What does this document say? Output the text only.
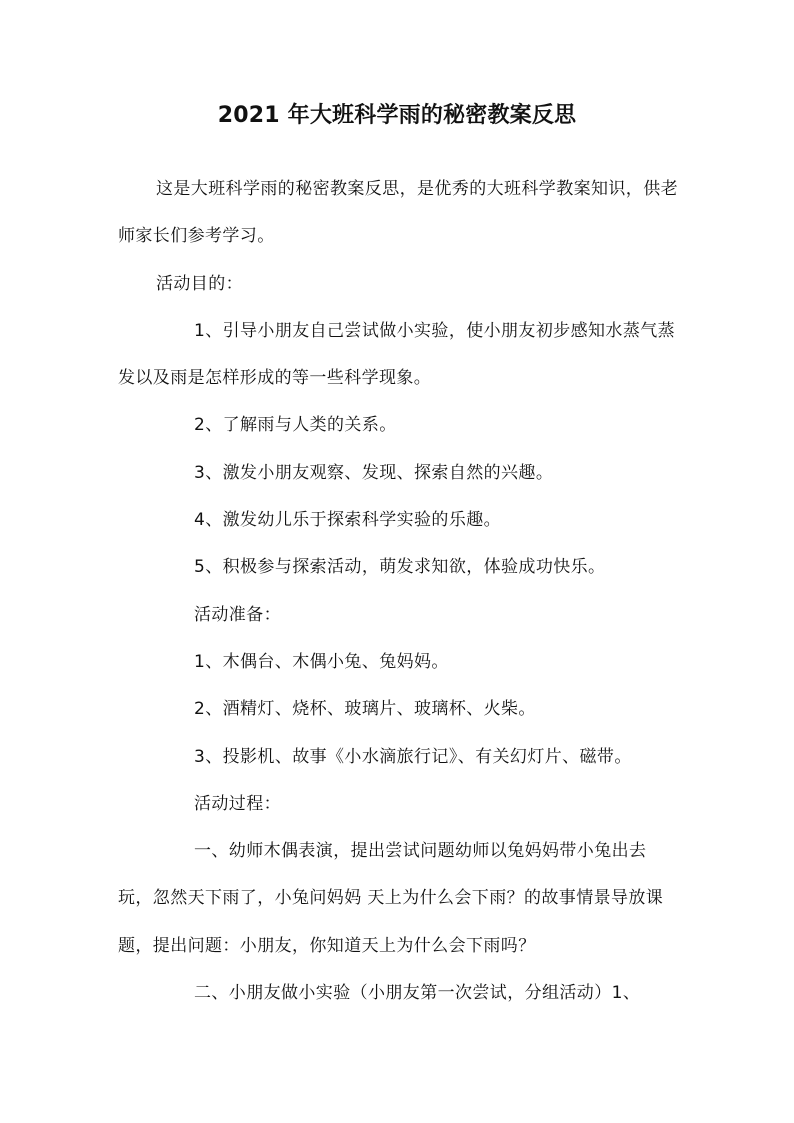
2021 年大班科学雨的秘密教案反思

这是大班科学雨的秘密教案反思，是优秀的大班科学教案知识，供老师家长们参考学习。

活动目的：

1、引导小朋友自己尝试做小实验，使小朋友初步感知水蒸气蒸发以及雨是怎样形成的等一些科学现象。

2、了解雨与人类的关系。

3、激发小朋友观察、发现、探索自然的兴趣。

4、激发幼儿乐于探索科学实验的乐趣。

5、积极参与探索活动，萌发求知欲，体验成功快乐。

活动准备：

1、木偶台、木偶小兔、兔妈妈。

2、酒精灯、烧杯、玻璃片、玻璃杯、火柴。

3、投影机、故事《小水滴旅行记》、有关幻灯片、磁带。

活动过程：

一、幼师木偶表演，提出尝试问题幼师以兔妈妈带小兔出去玩，忽然天下雨了，小兔问妈妈 天上为什么会下雨？的故事情景导放课题，提出问题：小朋友，你知道天上为什么会下雨吗？

二、小朋友做小实验（小朋友第一次尝试，分组活动）1、
